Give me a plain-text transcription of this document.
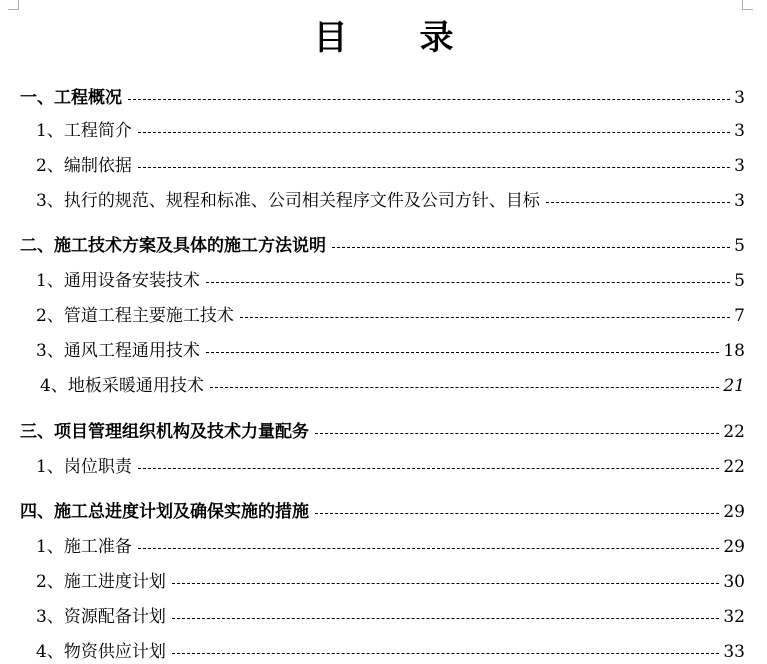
目 录
一、工程概况	3
1、工程简介	3
2、编制依据	3
3、执行的规范、规程和标准、公司相关程序文件及公司方针、目标	3
二、施工技术方案及具体的施工方法说明	5
1、通用设备安装技术	5
2、管道工程主要施工技术	7
3、通风工程通用技术	18
4、地板采暖通用技术	21
三、项目管理组织机构及技术力量配务	22
1、岗位职责	22
四、施工总进度计划及确保实施的措施	29
1、施工准备	29
2、施工进度计划	30
3、资源配备计划	32
4、物资供应计划	33
